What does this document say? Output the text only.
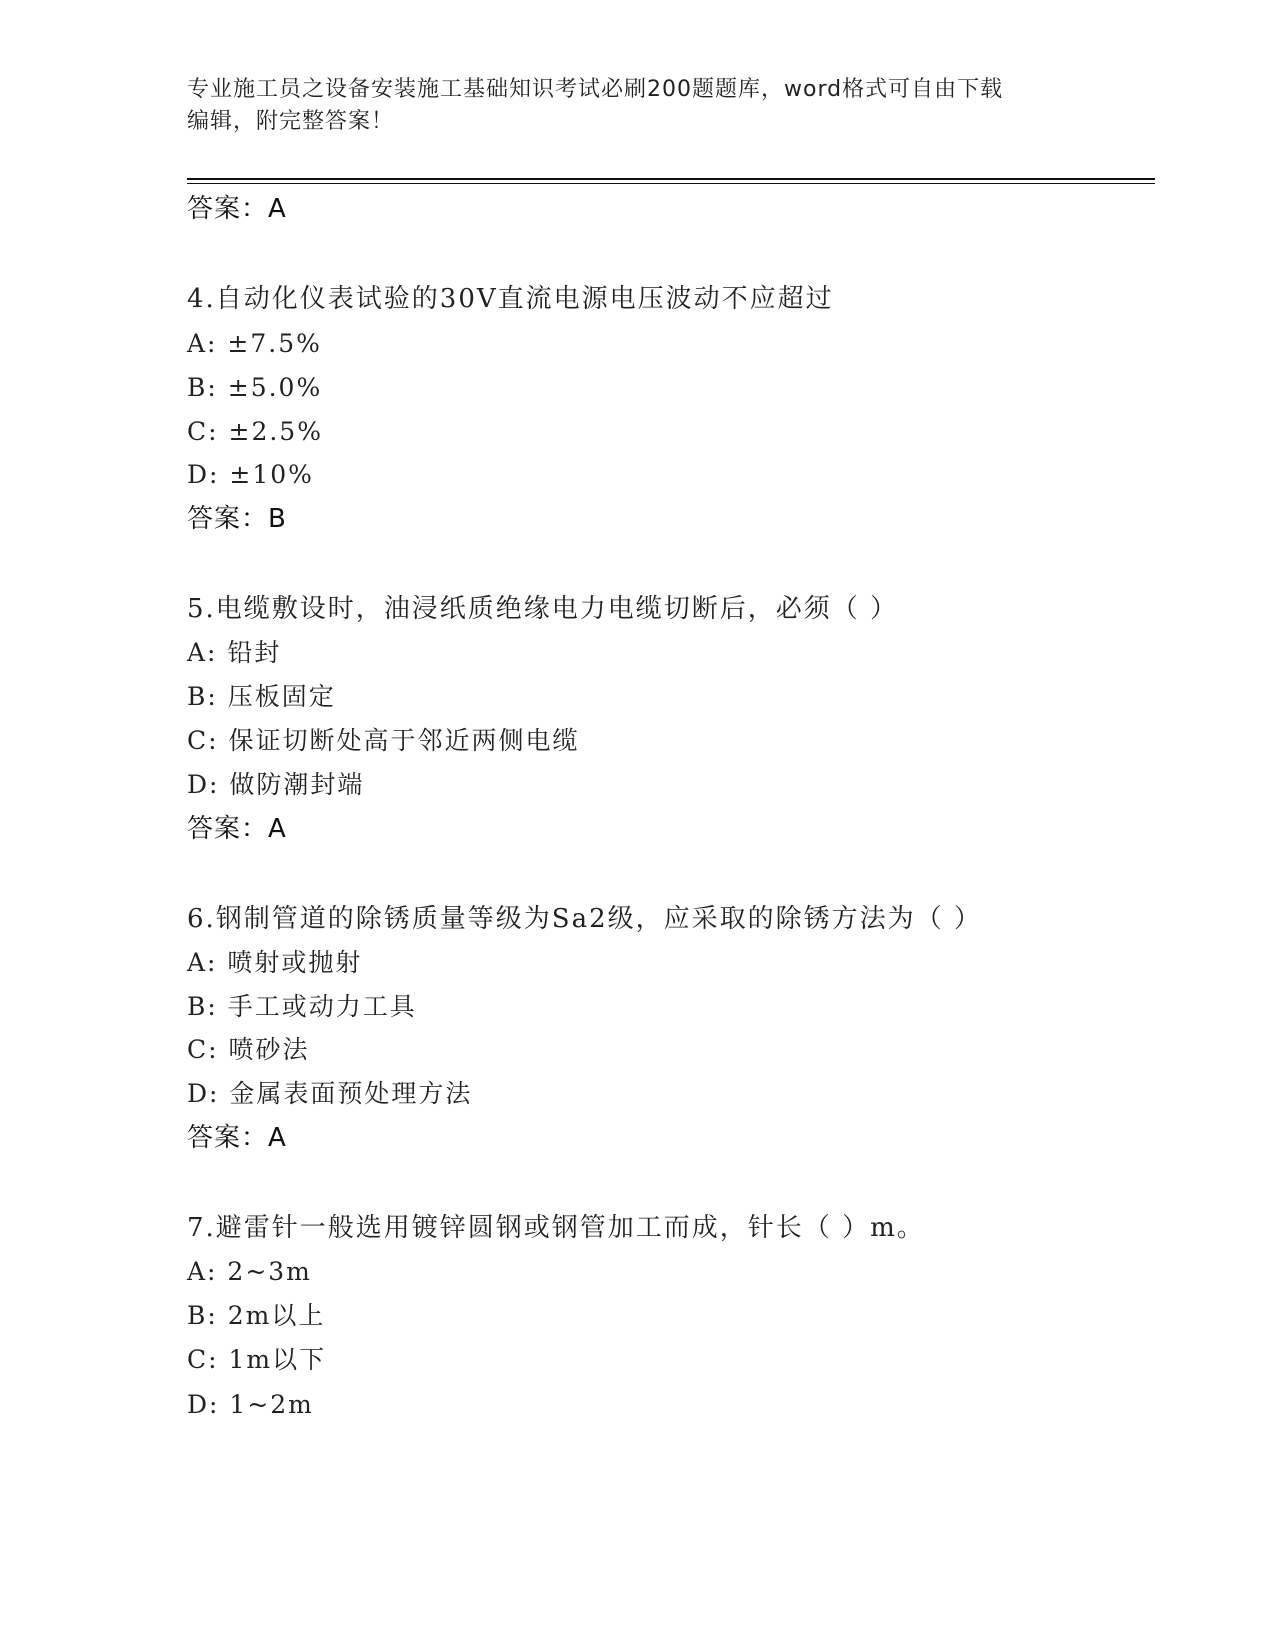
专业施工员之设备安装施工基础知识考试必刷200题题库，word格式可自由下载
编辑，附完整答案！
答案：A
4.自动化仪表试验的30V直流电源电压波动不应超过
A: ±7.5%
B: ±5.0%
C: ±2.5%
D: ±10%
答案：B
5.电缆敷设时，油浸纸质绝缘电力电缆切断后，必须（ ）
A: 铅封
B: 压板固定
C: 保证切断处高于邻近两侧电缆
D: 做防潮封端
答案：A
6.钢制管道的除锈质量等级为Sa2级，应采取的除锈方法为（ ）
A: 喷射或抛射
B: 手工或动力工具
C: 喷砂法
D: 金属表面预处理方法
答案：A
7.避雷针一般选用镀锌圆钢或钢管加工而成，针长（ ）m。
A: 2~3m
B: 2m以上
C: 1m以下
D: 1~2m
